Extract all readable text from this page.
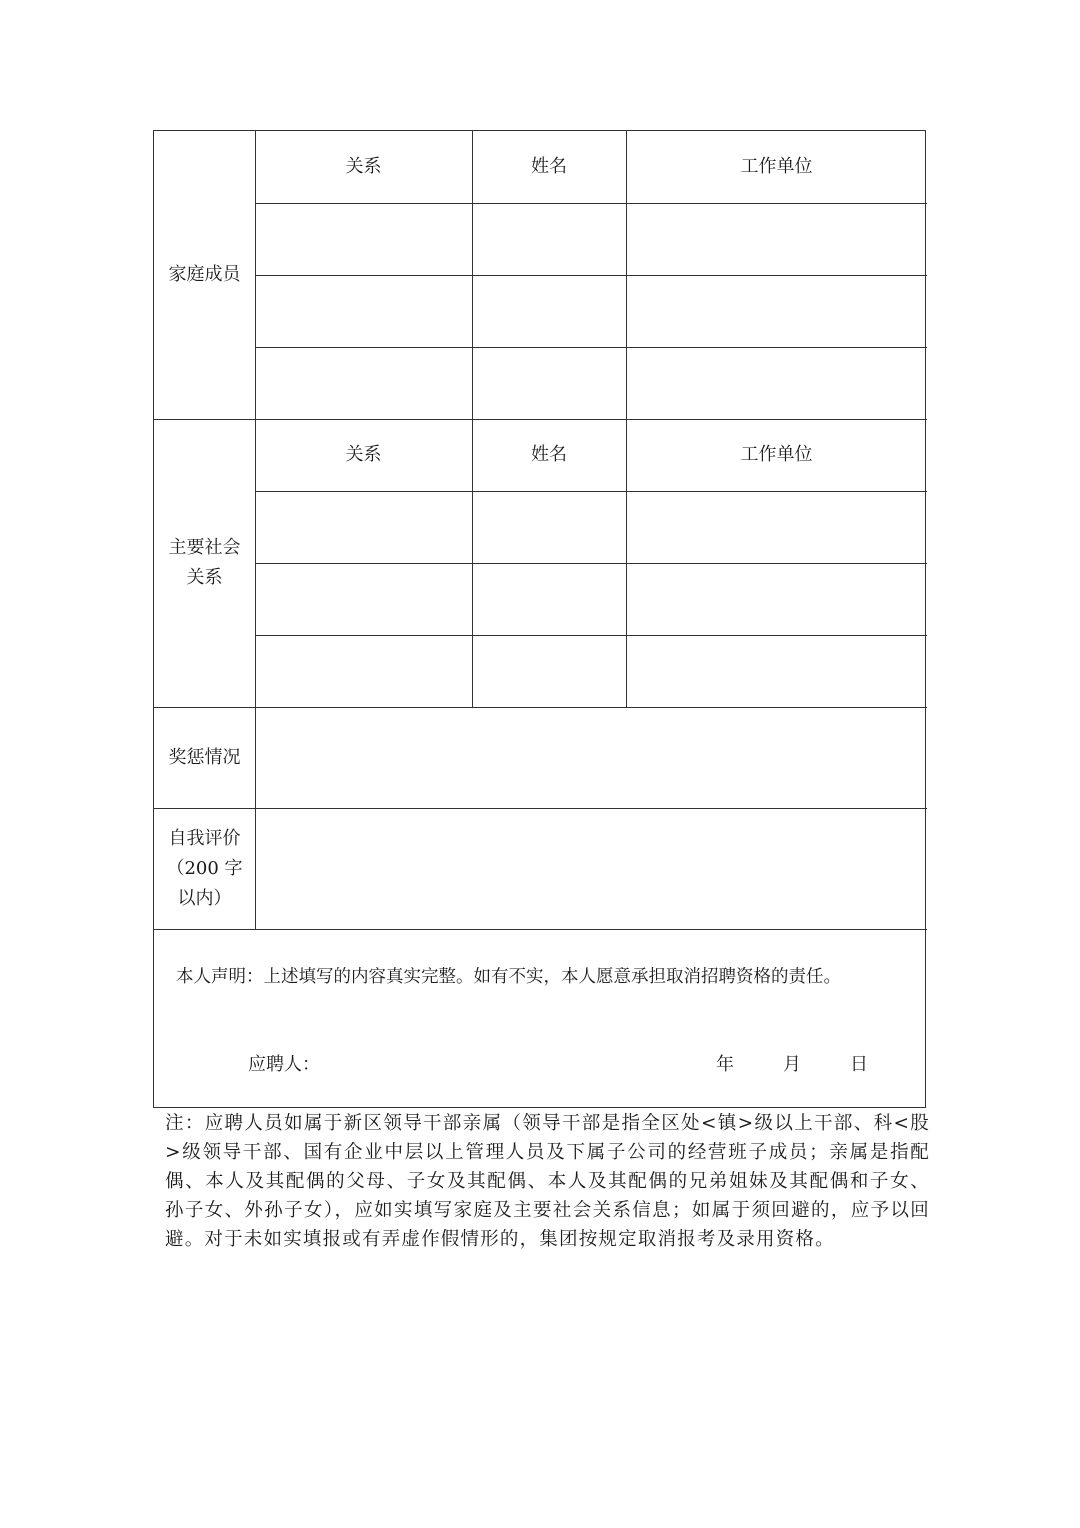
家庭成员
关系	姓名	工作单位
主要社会
关系
关系	姓名	工作单位
奖惩情况
自我评价
（200 字
以内）
本人声明：上述填写的内容真实完整。如有不实，本人愿意承担取消招聘资格的责任。
应聘人：	年	月	日
注：应聘人员如属于新区领导干部亲属（领导干部是指全区处<镇>级以上干部、科<股>级领导干部、国有企业中层以上管理人员及下属子公司的经营班子成员；亲属是指配偶、本人及其配偶的父母、子女及其配偶、本人及其配偶的兄弟姐妹及其配偶和子女、孙子女、外孙子女），应如实填写家庭及主要社会关系信息；如属于须回避的，应予以回避。对于未如实填报或有弄虚作假情形的，集团按规定取消报考及录用资格。
